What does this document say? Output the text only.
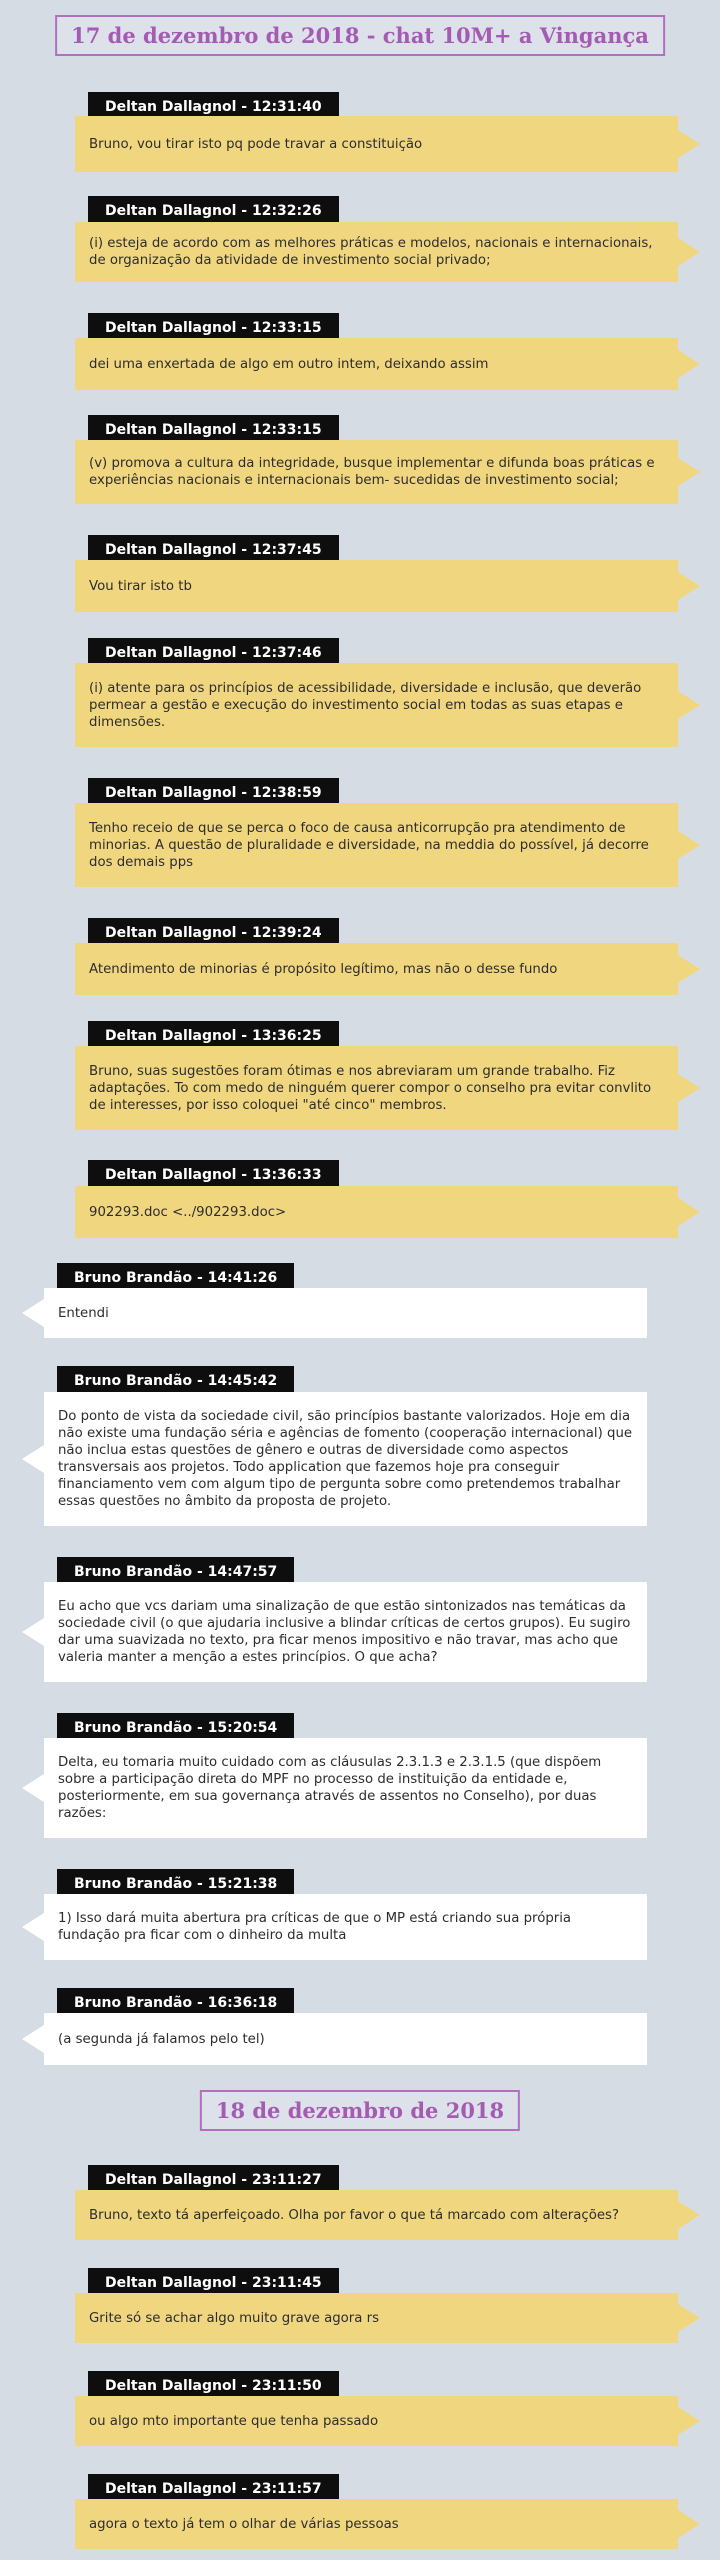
17 de dezembro de 2018 - chat 10M+ a Vingança
Deltan Dallagnol - 12:31:40
Bruno, vou tirar isto pq pode travar a constituição
Deltan Dallagnol - 12:32:26
(i) esteja de acordo com as melhores práticas e modelos, nacionais e internacionais, de organização da atividade de investimento social privado;
Deltan Dallagnol - 12:33:15
dei uma enxertada de algo em outro intem, deixando assim
Deltan Dallagnol - 12:33:15
(v) promova a cultura da integridade, busque implementar e difunda boas práticas e experiências nacionais e internacionais bem- sucedidas de investimento social;
Deltan Dallagnol - 12:37:45
Vou tirar isto tb
Deltan Dallagnol - 12:37:46
(i) atente para os princípios de acessibilidade, diversidade e inclusão, que deverão permear a gestão e execução do investimento social em todas as suas etapas e dimensões.
Deltan Dallagnol - 12:38:59
Tenho receio de que se perca o foco de causa anticorrupção pra atendimento de minorias. A questão de pluralidade e diversidade, na meddia do possível, já decorre dos demais pps
Deltan Dallagnol - 12:39:24
Atendimento de minorias é propósito legítimo, mas não o desse fundo
Deltan Dallagnol - 13:36:25
Bruno, suas sugestões foram ótimas e nos abreviaram um grande trabalho. Fiz adaptações. To com medo de ninguém querer compor o conselho pra evitar convlito de interesses, por isso coloquei "até cinco" membros.
Deltan Dallagnol - 13:36:33
902293.doc <../902293.doc>
Bruno Brandão - 14:41:26
Entendi
Bruno Brandão - 14:45:42
Do ponto de vista da sociedade civil, são princípios bastante valorizados. Hoje em dia não existe uma fundação séria e agências de fomento (cooperação internacional) que não inclua estas questões de gênero e outras de diversidade como aspectos transversais aos projetos. Todo application que fazemos hoje pra conseguir financiamento vem com algum tipo de pergunta sobre como pretendemos trabalhar essas questões no âmbito da proposta de projeto.
Bruno Brandão - 14:47:57
Eu acho que vcs dariam uma sinalização de que estão sintonizados nas temáticas da sociedade civil (o que ajudaria inclusive a blindar críticas de certos grupos). Eu sugiro dar uma suavizada no texto, pra ficar menos impositivo e não travar, mas acho que valeria manter a menção a estes princípios. O que acha?
Bruno Brandão - 15:20:54
Delta, eu tomaria muito cuidado com as cláusulas 2.3.1.3 e 2.3.1.5 (que dispõem sobre a participação direta do MPF no processo de instituição da entidade e, posteriormente, em sua governança através de assentos no Conselho), por duas razões:
Bruno Brandão - 15:21:38
1) Isso dará muita abertura pra críticas de que o MP está criando sua própria fundação pra ficar com o dinheiro da multa
Bruno Brandão - 16:36:18
(a segunda já falamos pelo tel)
18 de dezembro de 2018
Deltan Dallagnol - 23:11:27
Bruno, texto tá aperfeiçoado. Olha por favor o que tá marcado com alterações?
Deltan Dallagnol - 23:11:45
Grite só se achar algo muito grave agora rs
Deltan Dallagnol - 23:11:50
ou algo mto importante que tenha passado
Deltan Dallagnol - 23:11:57
agora o texto já tem o olhar de várias pessoas
